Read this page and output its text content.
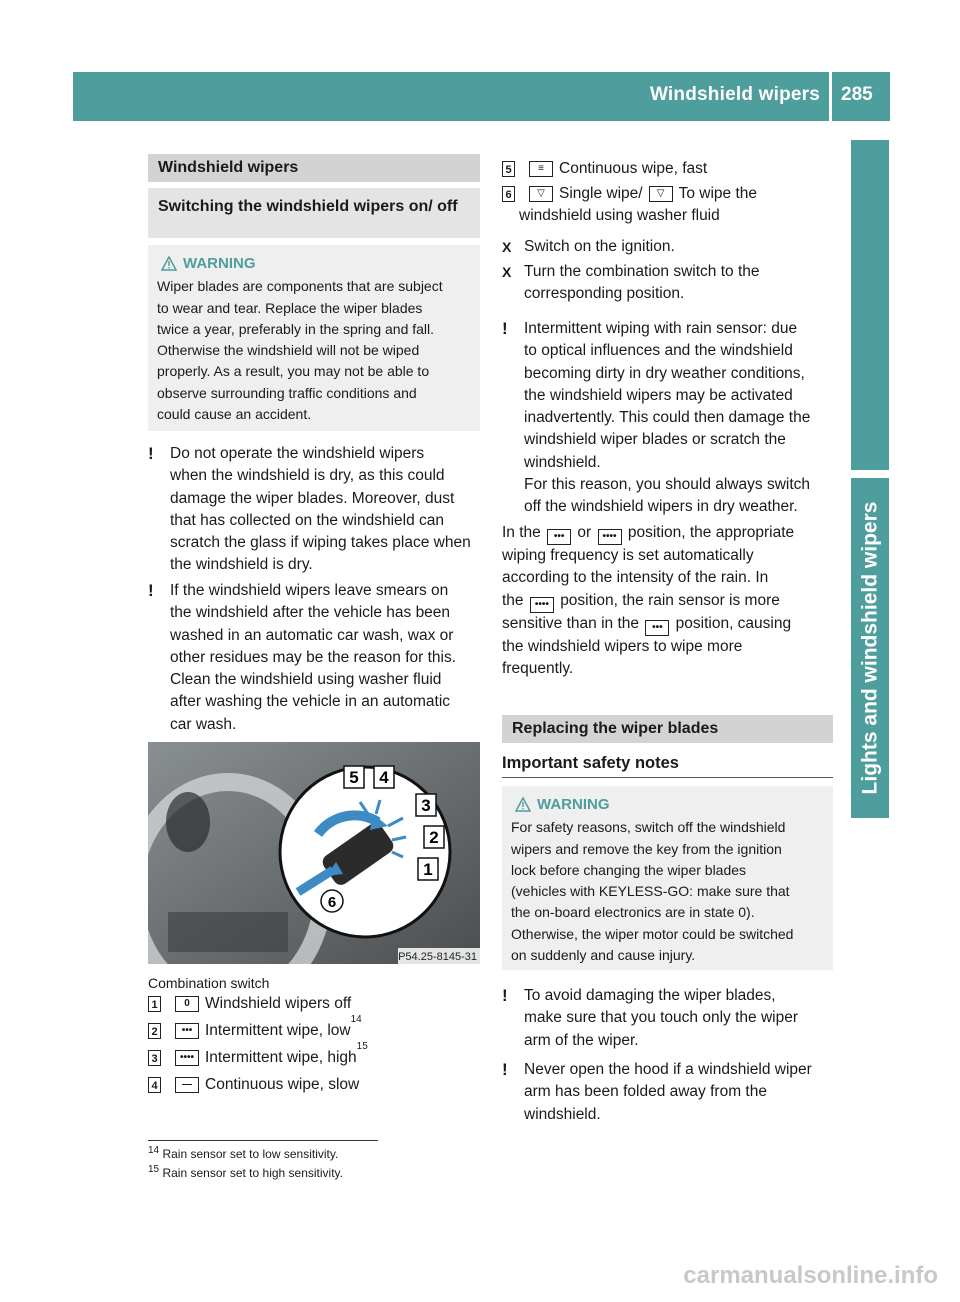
Windshield wipers 285
Lights and windshield wipers
Windshield wipers
Switching the windshield wipers on/ off
WARNING
Wiper blades are components that are subject
to wear and tear. Replace the wiper blades
twice a year, preferably in the spring and fall.
Otherwise the windshield will not be wiped
properly. As a result, you may not be able to
observe surrounding traffic conditions and
could cause an accident.
! Do not operate the windshield wipers
when the windshield is dry, as this could
damage the wiper blades. Moreover, dust
that has collected on the windshield can
scratch the glass if wiping takes place when
the windshield is dry.
! If the windshield wipers leave smears on
the windshield after the vehicle has been
washed in an automatic car wash, wax or
other residues may be the reason for this.
Clean the windshield using washer fluid
after washing the vehicle in an automatic
car wash.
5 4
3
2
1
6
P54.25-8145-31
Combination switch
1	0 Windshield wipers off
2	••• Intermittent wipe, low
14
3	•••• Intermittent wipe, high
15
4	— Continuous wipe, slow
$^{14}$ Rain sensor set to low sensitivity.
$^{15}$ Rain sensor set to high sensitivity.
5	≡ Continuous wipe, fast
6	▽ Single wipe/	▽ To wipe the
windshield using washer fluid
X Switch on the ignition.
X Turn the combination switch to the
corresponding position.
! Intermittent wiping with rain sensor: due
to optical influences and the windshield
becoming dirty in dry weather conditions,
the windshield wipers may be activated
inadvertently. This could then damage the
windshield wiper blades or scratch the
windshield.
For this reason, you should always switch
off the windshield wipers in dry weather.
In the ••• or •••• position, the appropriate
wiping frequency is set automatically
according to the intensity of the rain. In
the •••• position, the rain sensor is more
sensitive than in the ••• position, causing
the windshield wipers to wipe more
frequently.
Replacing the wiper blades
Important safety notes
WARNING
For safety reasons, switch off the windshield
wipers and remove the key from the ignition
lock before changing the wiper blades
(vehicles with KEYLESS-GO: make sure that
the on-board electronics are in state 0).
Otherwise, the wiper motor could be switched
on suddenly and cause injury.
! To avoid damaging the wiper blades,
make sure that you touch only the wiper
arm of the wiper.
! Never open the hood if a windshield wiper
arm has been folded away from the
windshield.
carmanualsonline.info
